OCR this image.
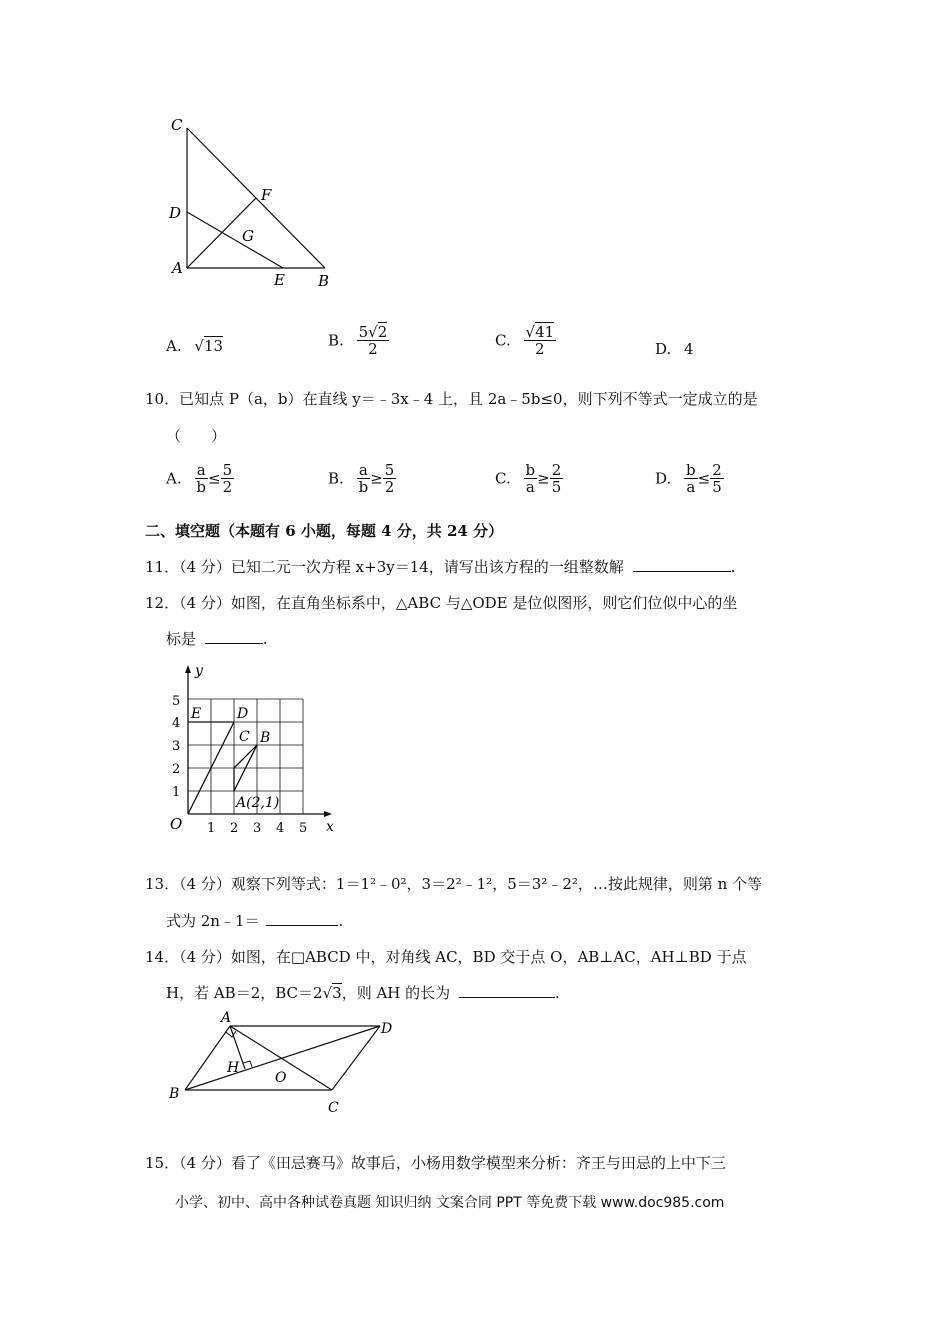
C
D
F
G
A
E B
A. √13	B. $\frac{5√2}{2}$	C. $\frac{√41}{2}$	D. 4
10．已知点 P（a，b）在直线 y＝﹣3x﹣4 上，且 2a﹣5b≤0，则下列不等式一定成立的是
（　　）
A. $\frac{a}{b} \le \frac{5}{2}$	B. $\frac{a}{b} \ge \frac{5}{2}$	C. $\frac{b}{a} \ge \frac{2}{5}$	D. $\frac{b}{a} \le \frac{2}{5}$
二、填空题（本题有 6 小题，每题 4 分，共 24 分）
11．（4 分）已知二元一次方程 x+3y＝14，请写出该方程的一组整数解	.
12．（4 分）如图，在直角坐标系中，△ABC 与△ODE 是位似图形，则它们位似中心的坐
标是	.
y
x
O 1 2 3 4 5
1
2
3
4
5
E	D
C B
A(2,1)
13．（4 分）观察下列等式：1＝1²﹣0²，3＝2²﹣1²，5＝3²﹣2²，…按此规律，则第 n 个等
式为 2n﹣1＝	.
14．（4 分）如图，在□ABCD 中，对角线 AC，BD 交于点 O，AB⊥AC，AH⊥BD 于点
H，若 AB＝2，BC＝2√3，则 AH 的长为	.
A
D
H
O
B
C
15．（4 分）看了《田忌赛马》故事后，小杨用数学模型来分析：齐王与田忌的上中下三
小学、初中、高中各种试卷真题 知识归纳 文案合同 PPT 等免费下载 www.doc985.com
